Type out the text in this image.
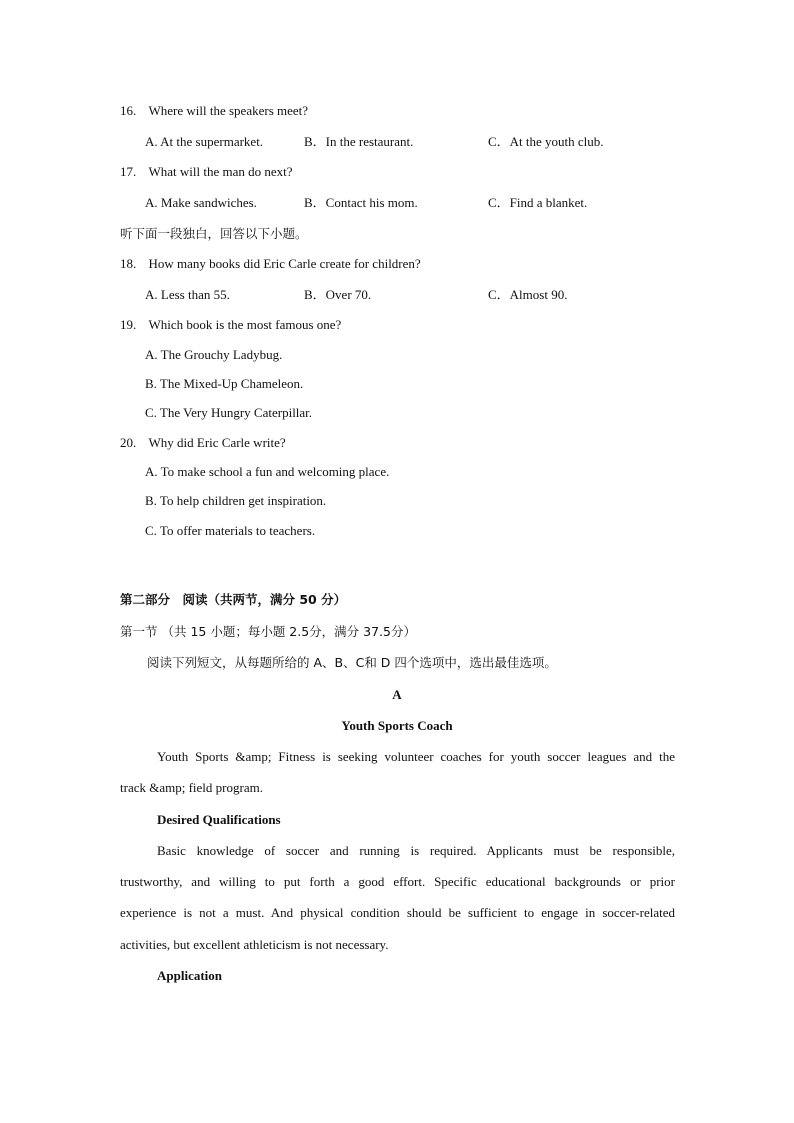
16. Where will the speakers meet?
A. At the supermarket.	B．In the restaurant.	C．At the youth club.
17. What will the man do next?
A. Make sandwiches.	B．Contact his mom.	C．Find a blanket.
听下面一段独白，回答以下小题。
18. How many books did Eric Carle create for children?
A. Less than 55.	B．Over 70.	C．Almost 90.
19. Which book is the most famous one?
A. The Grouchy Ladybug.
B. The Mixed-Up Chameleon.
C. The Very Hungry Caterpillar.
20. Why did Eric Carle write?
A. To make school a fun and welcoming place.
B. To help children get inspiration.
C. To offer materials to teachers.
第二部分　阅读（共两节，满分 50 分）
第一节 （共 15 小题；每小题 2.5分，满分 37.5分）
阅读下列短文，从每题所给的 A、B、C和 D 四个选项中，选出最佳选项。
A
Youth Sports Coach
Youth Sports &amp; Fitness is seeking volunteer coaches for youth soccer leagues and the
track &amp; field program.
Desired Qualifications
Basic knowledge of soccer and running is required. Applicants must be responsible,
trustworthy, and willing to put forth a good effort. Specific educational backgrounds or prior
experience is not a must. And physical condition should be sufficient to engage in soccer-related
activities, but excellent athleticism is not necessary.
Application
